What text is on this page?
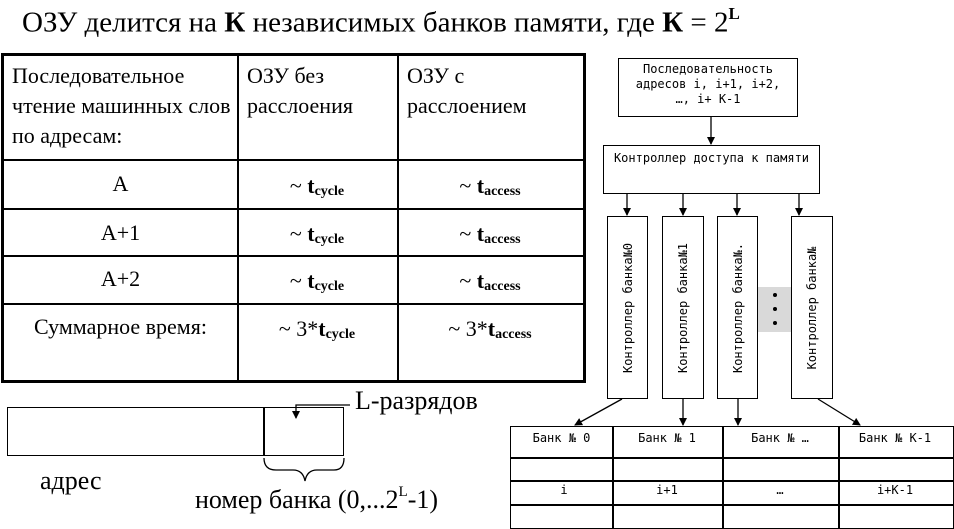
ОЗУ делится на К независимых банков памяти, где $К = 2^L$
Последовательное чтение машинных слов по адресам:
ОЗУ без расслоения
ОЗУ с расслоением
А	~ $t_{cycle}$	~ $t_{access}$
А+1	~ $t_{cycle}$	~ $t_{access}$
А+2	~ $t_{cycle}$	~ $t_{access}$
Суммарное время:	~ $3*t_{cycle}$	~ $3*t_{access}$
адрес
L-разрядов
номер банка $(0,...2^L-1)$
Последовательность адресов i, i+1, i+2, …, i+ K-1
Контроллер доступа к памяти
Контроллер банка№0	Контроллер банка№1	Контроллер банка№.	Контроллер банка№
Банк № 0	Банк № 1	Банк № …	Банк № K-1
i	i+1	…	i+K-1
